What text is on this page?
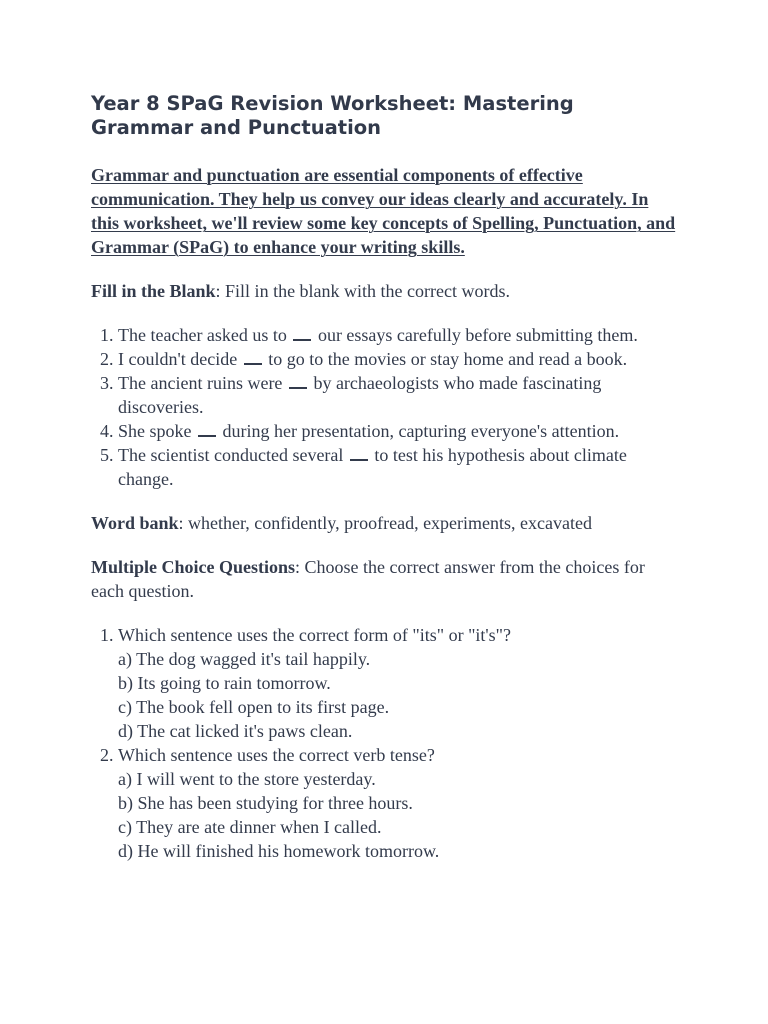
Year 8 SPaG Revision Worksheet: Mastering Grammar and Punctuation

Grammar and punctuation are essential components of effective communication. They help us convey our ideas clearly and accurately. In this worksheet, we'll review some key concepts of Spelling, Punctuation, and Grammar (SPaG) to enhance your writing skills.

Fill in the Blank: Fill in the blank with the correct words.

1. The teacher asked us to  our essays carefully before submitting them.
2. I couldn't decide  to go to the movies or stay home and read a book.
3. The ancient ruins were  by archaeologists who made fascinating discoveries.
4. She spoke  during her presentation, capturing everyone's attention.
5. The scientist conducted several  to test his hypothesis about climate change.

Word bank: whether, confidently, proofread, experiments, excavated

Multiple Choice Questions: Choose the correct answer from the choices for each question.

1. Which sentence uses the correct form of "its" or "it's"?
a) The dog wagged it's tail happily.
b) Its going to rain tomorrow.
c) The book fell open to its first page.
d) The cat licked it's paws clean.
2. Which sentence uses the correct verb tense?
a) I will went to the store yesterday.
b) She has been studying for three hours.
c) They are ate dinner when I called.
d) He will finished his homework tomorrow.
